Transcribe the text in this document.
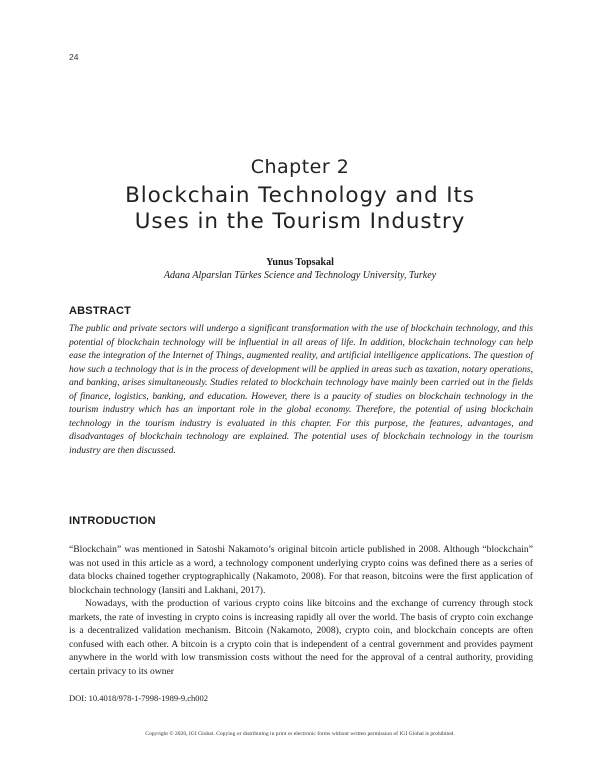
24
Chapter 2
Blockchain Technology and Its
Uses in the Tourism Industry
Yunus Topsakal
Adana Alparslan Türkes Science and Technology University, Turkey
ABSTRACT
The public and private sectors will undergo a significant transformation with the use of blockchain technology, and this potential of blockchain technology will be influential in all areas of life. In addition, blockchain technology can help ease the integration of the Internet of Things, augmented reality, and artificial intelligence applications. The question of how such a technology that is in the process of development will be applied in areas such as taxation, notary operations, and banking, arises simultaneously. Studies related to blockchain technology have mainly been carried out in the fields of finance, logistics, banking, and education. However, there is a paucity of studies on blockchain technology in the tourism industry which has an important role in the global economy. Therefore, the potential of using blockchain technology in the tourism industry is evaluated in this chapter. For this purpose, the features, advantages, and disadvantages of blockchain technology are explained. The potential uses of blockchain technology in the tourism industry are then discussed.
INTRODUCTION

“Blockchain” was mentioned in Satoshi Nakamoto’s original bitcoin article published in 2008. Although “blockchain” was not used in this article as a word, a technology component underlying crypto coins was defined there as a series of data blocks chained together cryptographically (Nakamoto, 2008). For that reason, bitcoins were the first application of blockchain technology (Iansiti and Lakhani, 2017).

Nowadays, with the production of various crypto coins like bitcoins and the exchange of currency through stock markets, the rate of investing in crypto coins is increasing rapidly all over the world. The basis of crypto coin exchange is a decentralized validation mechanism. Bitcoin (Nakamoto, 2008), crypto coin, and blockchain concepts are often confused with each other. A bitcoin is a crypto coin that is independent of a central government and provides payment anywhere in the world with low transmission costs without the need for the approval of a central authority, providing certain privacy to its owner

DOI: 10.4018/978-1-7998-1989-9.ch002
Copyright © 2020, IGI Global. Copying or distributing in print or electronic forms without written permission of IGI Global is prohibited.
